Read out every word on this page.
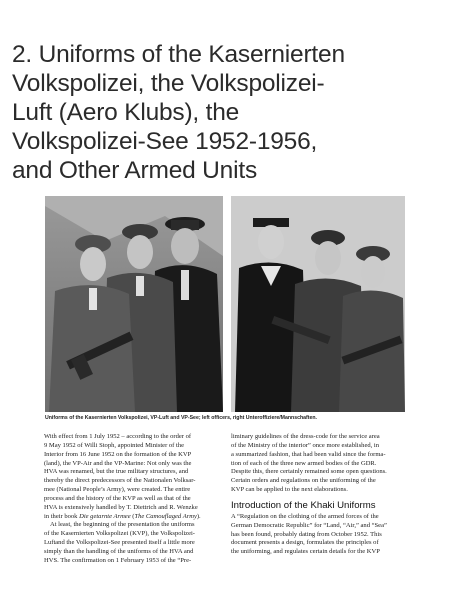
2. Uniforms of the Kasernierten
Volkspolizei, the Volkspolizei-
Luft (Aero Klubs), the
Volkspolizei-See 1952-1956,
and Other Armed Units

Uniforms of the Kasernierten Volkspolizei, VP-Luft and VP-See; left officers, right Unteroffiziere/Mannschaften.

With effect from 1 July 1952 – according to the order of
9 May 1952 of Willi Stoph, appointed Minister of the
Interior from 16 June 1952 on the formation of the KVP
(land), the VP-Air and the VP-Marine: Not only was the
HVA was renamed, but the true military structures, and
thereby the direct predecessors of the Nationalen Volksar-
mee (National People’s Army), were created. The entire
process and the history of the KVP as well as that of the
HVA is extensively handled by T. Diettrich and R. Wenzke
in their book Die getarnte Armee (The Camouflaged Army).
At least, the beginning of the presentation the uniforms
of the Kasernierten Volkspolizei (KVP), the Volkspolizei-
Luftand the Volkspolizei-See presented itself a little more
simply than the handling of the uniforms of the HVA and
HVS. The confirmation on 1 February 1953 of the “Pre-
liminary guidelines of the dress-code for the service area
of the Ministry of the interior” once more established, in
a summarized fashion, that had been valid since the forma-
tion of each of the three new armed bodies of the GDR.
Despite this, there certainly remained some open questions.
Certain orders and regulations on the uniforming of the
KVP can be applied to the next elaborations.
Introduction of the Khaki Uniforms
A “Regulation on the clothing of the armed forces of the
German Democratic Republic” for “Land, “Air,” and “Sea”
has been found, probably dating from October 1952. This
document presents a design, formulates the principles of
the uniforming, and regulates certain details for the KVP
